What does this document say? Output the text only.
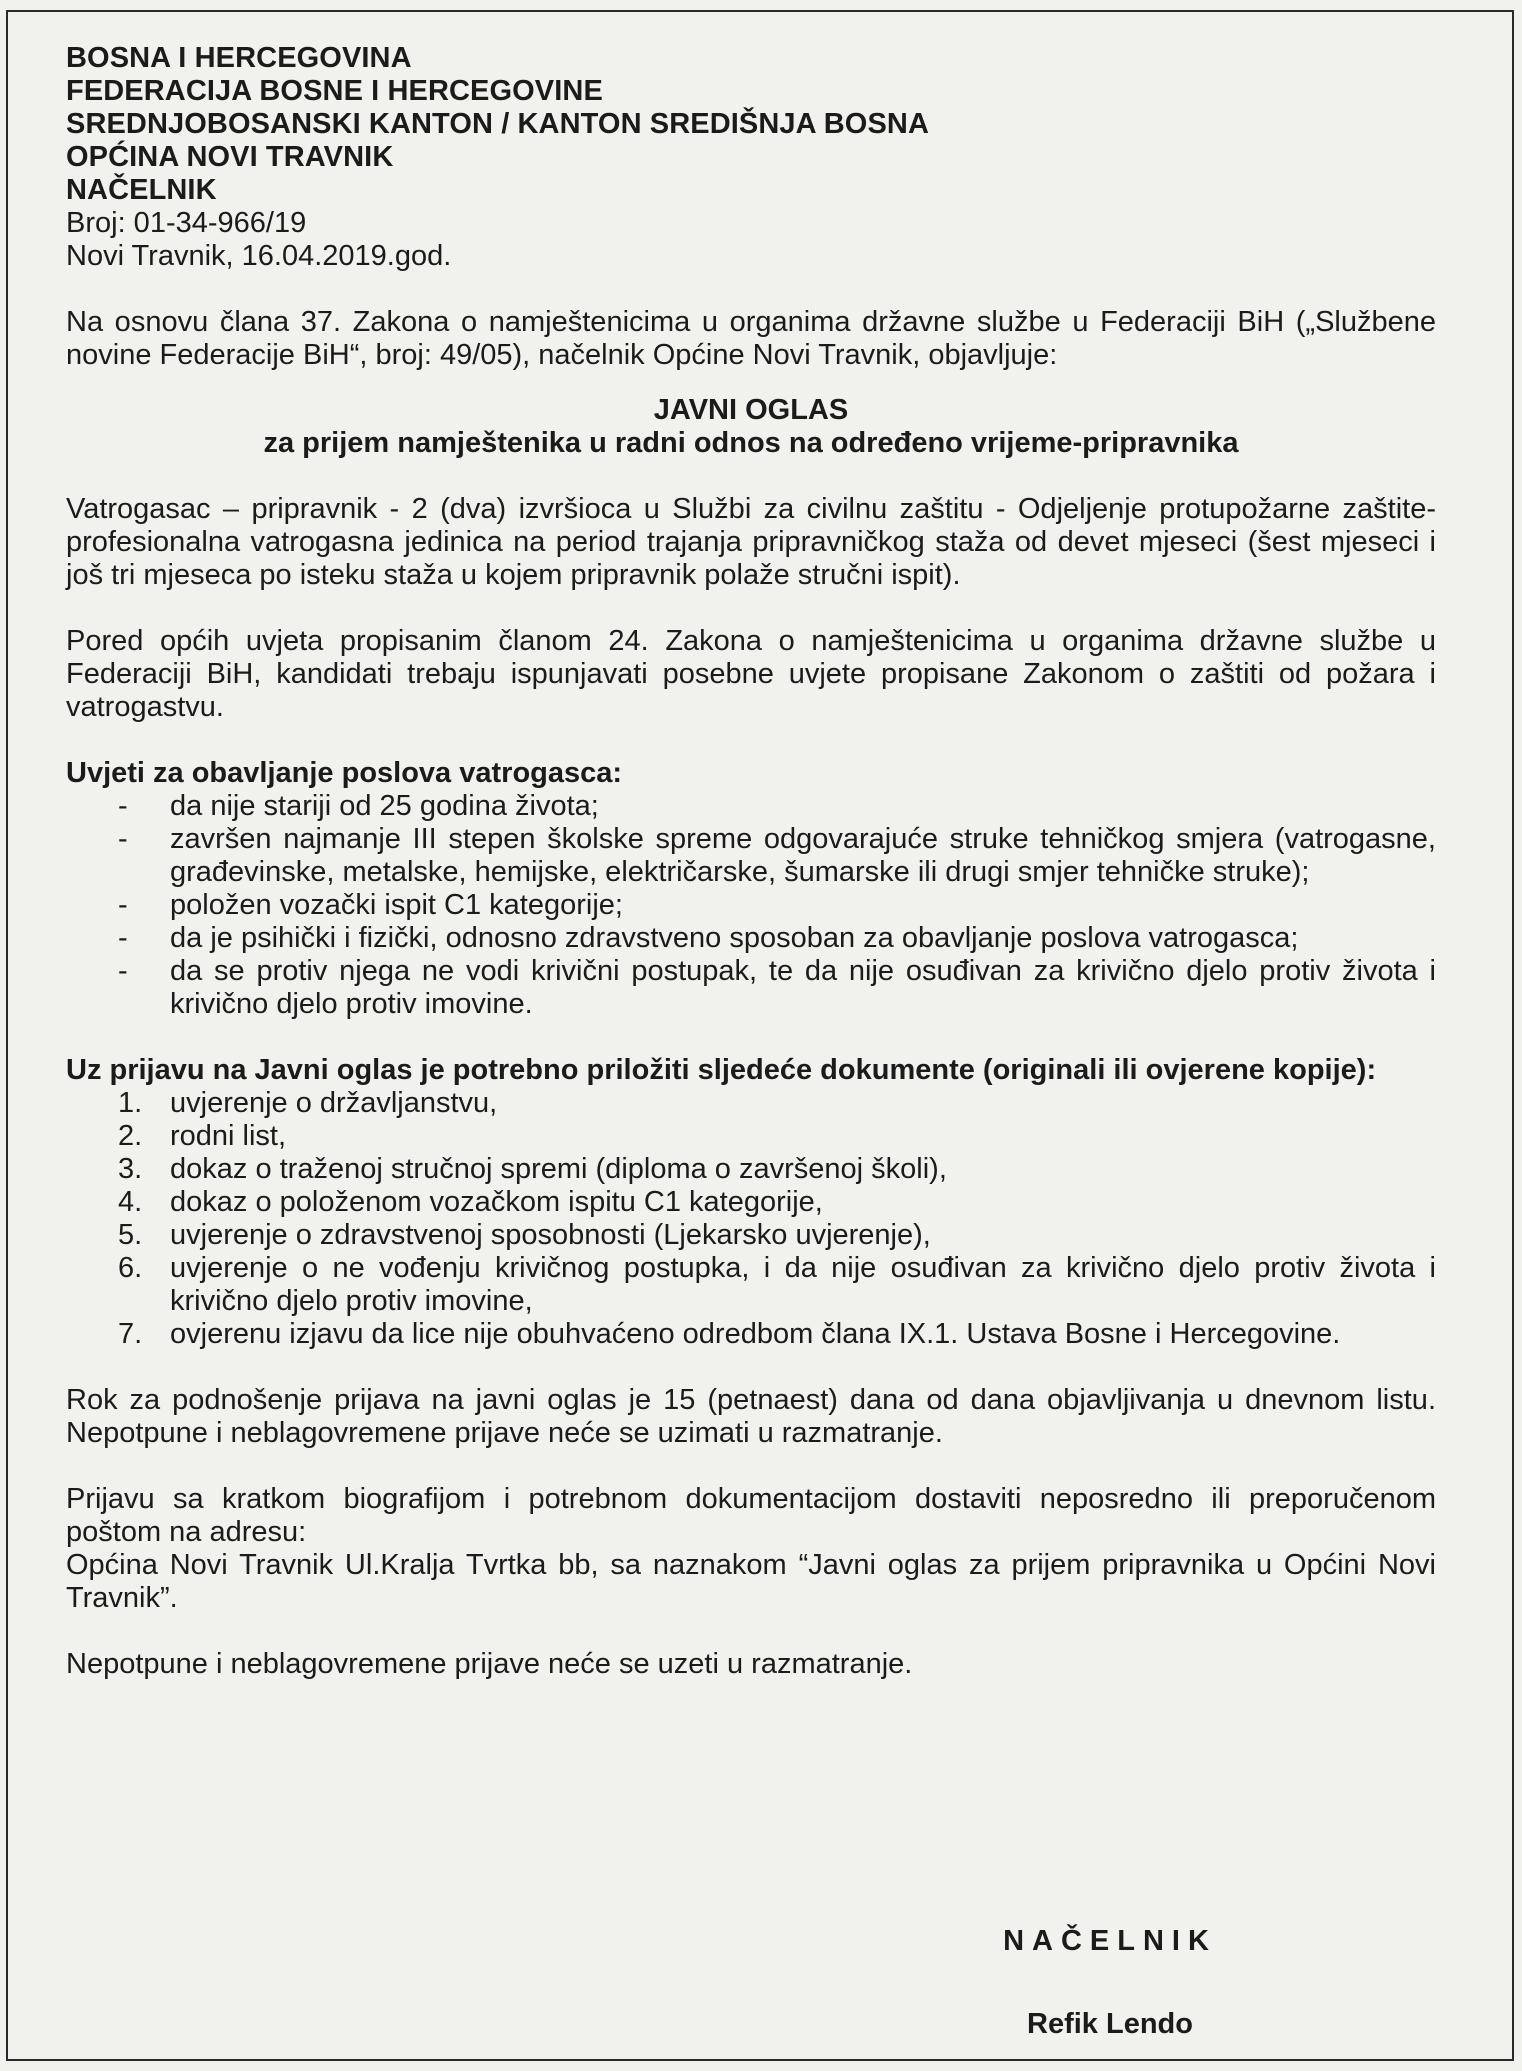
BOSNA I HERCEGOVINA
FEDERACIJA BOSNE I HERCEGOVINE
SREDNJOBOSANSKI KANTON / KANTON SREDIŠNJA BOSNA
OPĆINA NOVI TRAVNIK
NAČELNIK
Broj: 01-34-966/19
Novi Travnik, 16.04.2019.god.
Na osnovu člana 37. Zakona o namještenicima u organima državne službe u Federaciji BiH („Službene novine Federacije BiH“, broj: 49/05), načelnik Općine Novi Travnik, objavljuje:
JAVNI OGLAS
za prijem namještenika u radni odnos na određeno vrijeme-pripravnika
Vatrogasac – pripravnik - 2 (dva) izvršioca u Službi za civilnu zaštitu - Odjeljenje protupožarne zaštite-profesionalna vatrogasna jedinica na period trajanja pripravničkog staža od devet mjeseci (šest mjeseci i još tri mjeseca po isteku staža u kojem pripravnik polaže stručni ispit).
Pored općih uvjeta propisanim članom 24. Zakona o namještenicima u organima državne službe u Federaciji BiH, kandidati trebaju ispunjavati posebne uvjete propisane Zakonom o zaštiti od požara i vatrogastvu.
Uvjeti za obavljanje poslova vatrogasca:
- da nije stariji od 25 godina života;
- završen najmanje III stepen školske spreme odgovarajuće struke tehničkog smjera (vatrogasne, građevinske, metalske, hemijske, električarske, šumarske ili drugi smjer tehničke struke);
- položen vozački ispit C1 kategorije;
- da je psihički i fizički, odnosno zdravstveno sposoban za obavljanje poslova vatrogasca;
- da se protiv njega ne vodi krivični postupak, te da nije osuđivan za krivično djelo protiv života i krivično djelo protiv imovine.
Uz prijavu na Javni oglas je potrebno priložiti sljedeće dokumente (originali ili ovjerene kopije):
1. uvjerenje o državljanstvu,
2. rodni list,
3. dokaz o traženoj stručnoj spremi (diploma o završenoj školi),
4. dokaz o položenom vozačkom ispitu C1 kategorije,
5. uvjerenje o zdravstvenoj sposobnosti (Ljekarsko uvjerenje),
6. uvjerenje o ne vođenju krivičnog postupka, i da nije osuđivan za krivično djelo protiv života i krivično djelo protiv imovine,
7. ovjerenu izjavu da lice nije obuhvaćeno odredbom člana IX.1. Ustava Bosne i Hercegovine.
Rok za podnošenje prijava na javni oglas je 15 (petnaest) dana od dana objavljivanja u dnevnom listu. Nepotpune i neblagovremene prijave neće se uzimati u razmatranje.
Prijavu sa kratkom biografijom i potrebnom dokumentacijom dostaviti neposredno ili preporučenom poštom na adresu:
Općina Novi Travnik Ul.Kralja Tvrtka bb, sa naznakom “Javni oglas za prijem pripravnika u Općini Novi Travnik”.
Nepotpune i neblagovremene prijave neće se uzeti u razmatranje.
NAČELNIK
Refik Lendo
